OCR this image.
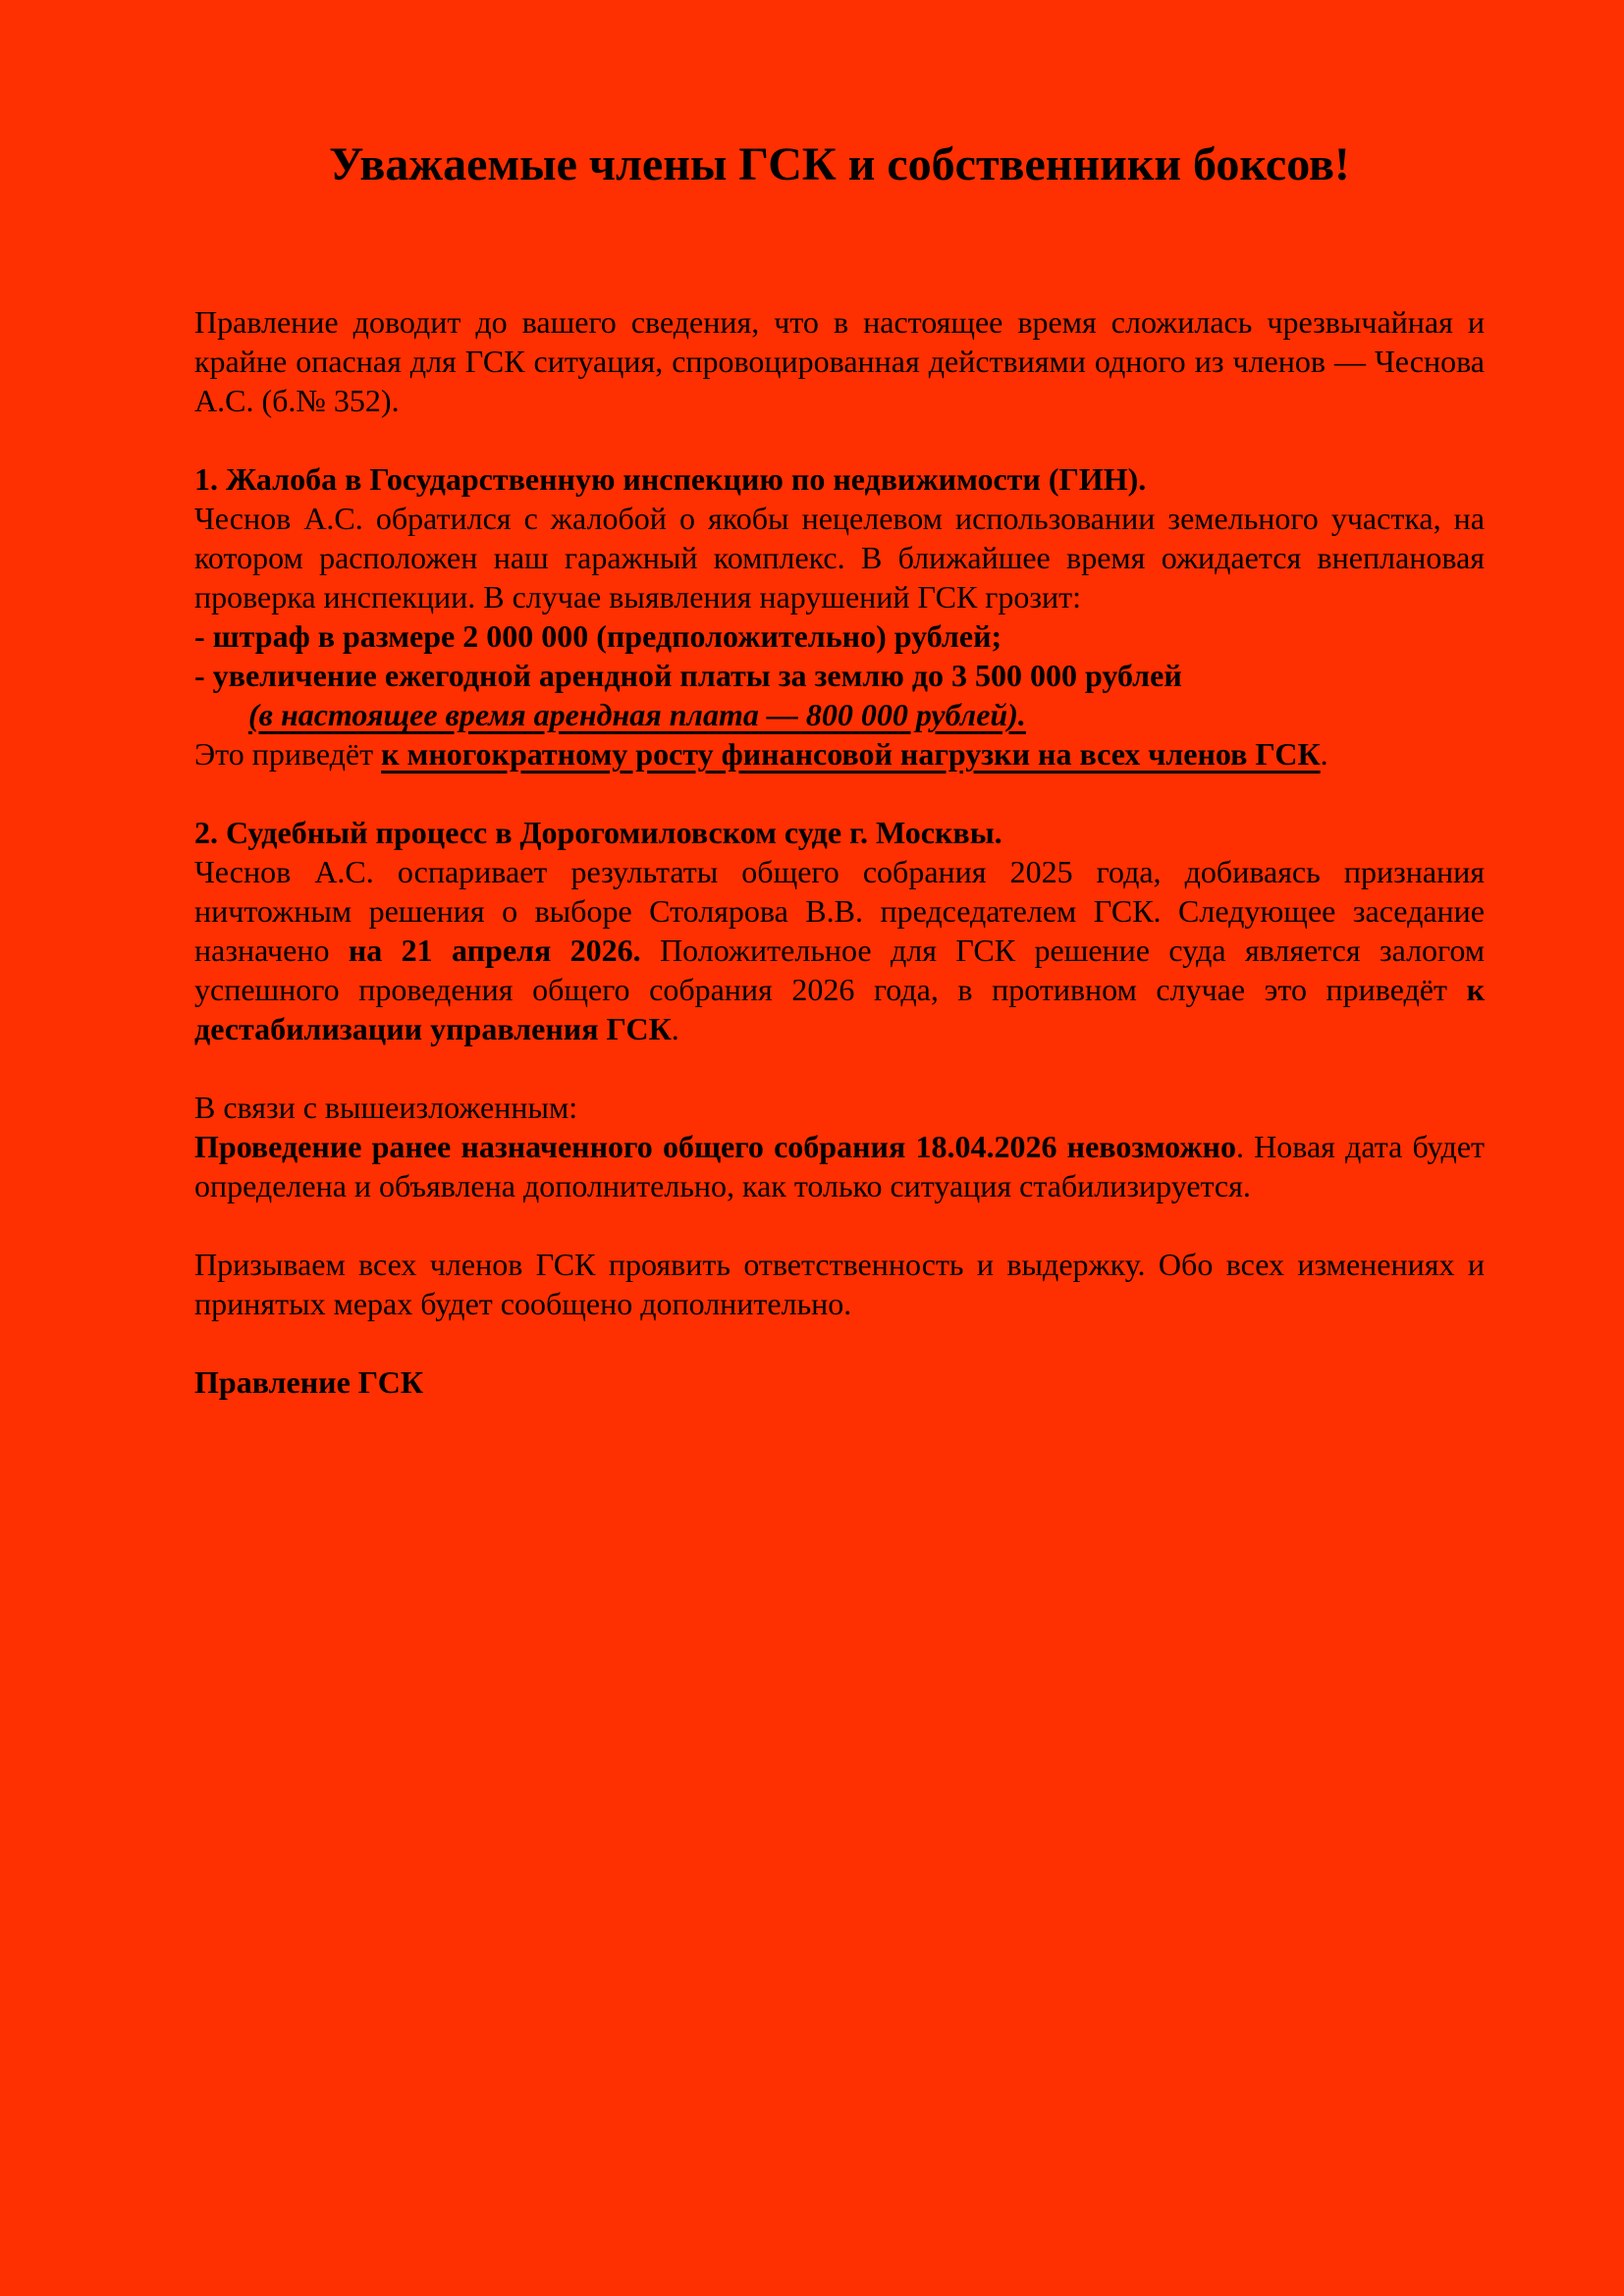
Уважаемые члены ГСК и собственники боксов!

Правление доводит до вашего сведения, что в настоящее время сложилась чрезвычайная и крайне опасная для ГСК ситуация, спровоцированная действиями одного из членов — Чеснова А.С. (б.№ 352).

1. Жалоба в Государственную инспекцию по недвижимости (ГИН).

Чеснов А.С. обратился с жалобой о якобы нецелевом использовании земельного участка, на котором расположен наш гаражный комплекс. В ближайшее время ожидается внеплановая проверка инспекции. В случае выявления нарушений ГСК грозит:

- штраф в размере 2 000 000 (предположительно) рублей;

- увеличение ежегодной арендной платы за землю до 3 500 000 рублей

(в настоящее время арендная плата — 800 000 рублей).

Это приведёт к многократному росту финансовой нагрузки на всех членов ГСК.

2. Судебный процесс в Дорогомиловском суде г. Москвы.

Чеснов А.С. оспаривает результаты общего собрания 2025 года, добиваясь признания ничтожным решения о выборе Столярова В.В. председателем ГСК. Следующее заседание назначено на 21 апреля 2026. Положительное для ГСК решение суда является залогом успешного проведения общего собрания 2026 года, в противном случае это приведёт к дестабилизации управления ГСК.

В связи с вышеизложенным:

Проведение ранее назначенного общего собрания 18.04.2026 невозможно. Новая дата будет определена и объявлена дополнительно, как только ситуация стабилизируется.

Призываем всех членов ГСК проявить ответственность и выдержку. Обо всех изменениях и принятых мерах будет сообщено дополнительно.

Правление ГСК
